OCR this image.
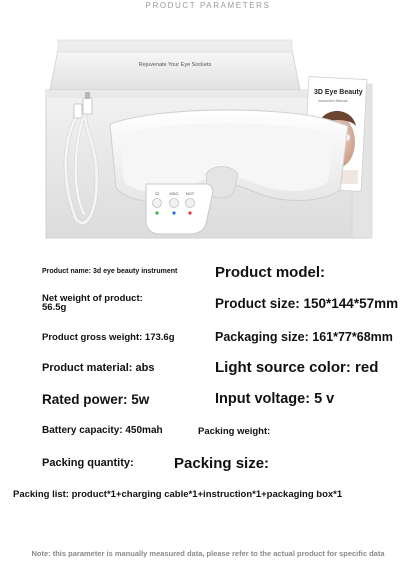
PRODUCT PARAMETERS
Rejuvenate Your Eye Sockets
3D Eye Beauty
Instruction Manual
⏻	MSG HOT
Product name: 3d eye beauty instrument	Product model:
Net weight of product:
56.5g	Product size: 150*144*57mm
Product gross weight: 173.6g	Packaging size: 161*77*68mm
Product material: abs	Light source color: red
Rated power: 5w	Input voltage: 5 v
Battery capacity: 450mah	Packing weight:
Packing quantity:	Packing size:
Packing list: product*1+charging cable*1+instruction*1+packaging box*1
Note: this parameter is manually measured data, please refer to the actual product for specific data
